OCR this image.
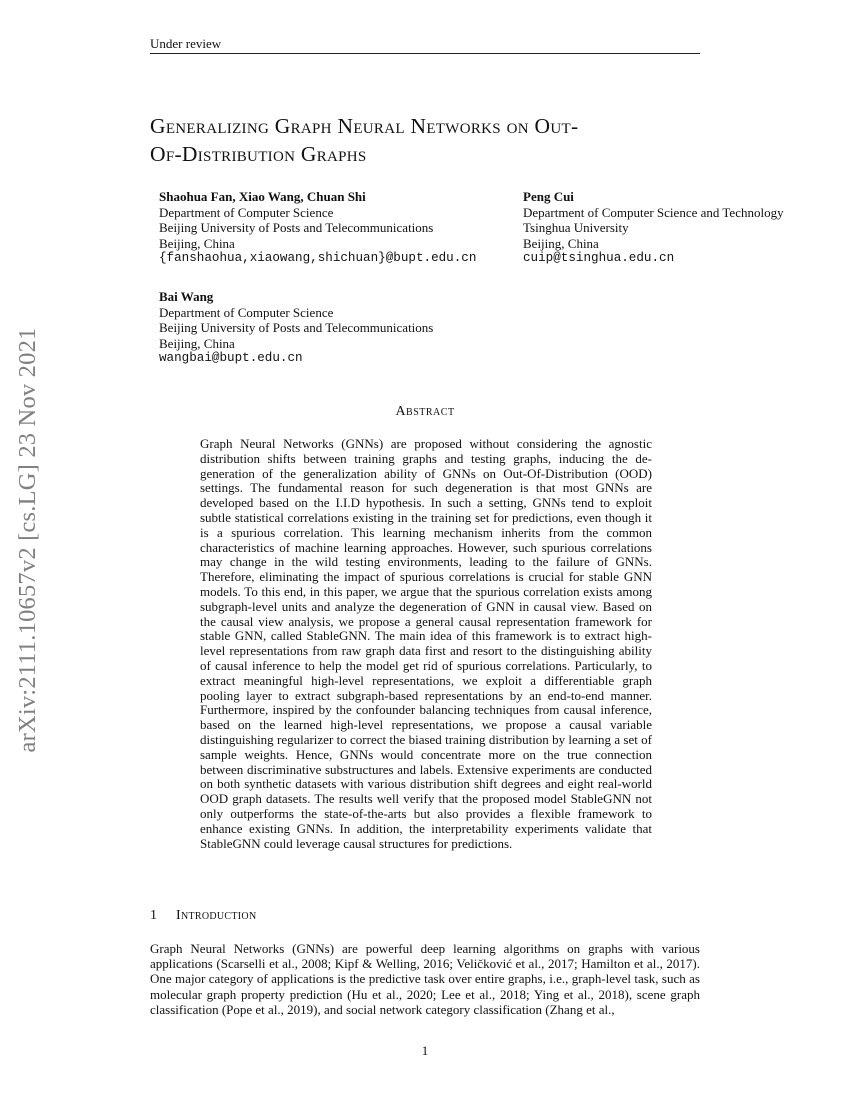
Under review
arXiv:2111.10657v2 [cs.LG] 23 Nov 2021
Generalizing Graph Neural Networks on Out-
Of-Distribution Graphs
Shaohua Fan, Xiao Wang, Chuan Shi
Department of Computer Science
Beijing University of Posts and Telecommunications
Beijing, China
{fanshaohua,xiaowang,shichuan}@bupt.edu.cn
Peng Cui
Department of Computer Science and Technology
Tsinghua University
Beijing, China
cuip@tsinghua.edu.cn
Bai Wang
Department of Computer Science
Beijing University of Posts and Telecommunications
Beijing, China
wangbai@bupt.edu.cn
Abstract
Graph Neural Networks (GNNs) are proposed without considering the agnostic distribution shifts between training graphs and testing graphs, inducing the degeneration of the generalization ability of GNNs on Out-Of-Distribution (OOD) settings. The fundamental reason for such degeneration is that most GNNs are developed based on the I.I.D hypothesis. In such a setting, GNNs tend to exploit subtle statistical correlations existing in the training set for predictions, even though it is a spurious correlation. This learning mechanism inherits from the common characteristics of machine learning approaches. However, such spurious correlations may change in the wild testing environments, leading to the failure of GNNs. Therefore, eliminating the impact of spurious correlations is crucial for stable GNN models. To this end, in this paper, we argue that the spurious correlation exists among subgraph-level units and analyze the degeneration of GNN in causal view. Based on the causal view analysis, we propose a general causal representation framework for stable GNN, called StableGNN. The main idea of this framework is to extract high-level representations from raw graph data first and resort to the distinguishing ability of causal inference to help the model get rid of spurious correlations. Particularly, to extract meaningful high-level representations, we exploit a differentiable graph pooling layer to extract subgraph-based representations by an end-to-end manner. Furthermore, inspired by the confounder balancing techniques from causal inference, based on the learned high-level representations, we propose a causal variable distinguishing regularizer to correct the biased training distribution by learning a set of sample weights. Hence, GNNs would concentrate more on the true connection between discriminative substructures and labels. Extensive experiments are conducted on both synthetic datasets with various distribution shift degrees and eight real-world OOD graph datasets. The results well verify that the proposed model StableGNN not only outperforms the state-of-the-arts but also provides a flexible framework to enhance existing GNNs. In addition, the interpretability experiments validate that StableGNN could leverage causal structures for predictions.
1 Introduction
Graph Neural Networks (GNNs) are powerful deep learning algorithms on graphs with various applications (Scarselli et al., 2008; Kipf & Welling, 2016; Veličković et al., 2017; Hamilton et al., 2017). One major category of applications is the predictive task over entire graphs, i.e., graph-level task, such as molecular graph property prediction (Hu et al., 2020; Lee et al., 2018; Ying et al., 2018), scene graph classification (Pope et al., 2019), and social network category classification (Zhang et al.,
1
